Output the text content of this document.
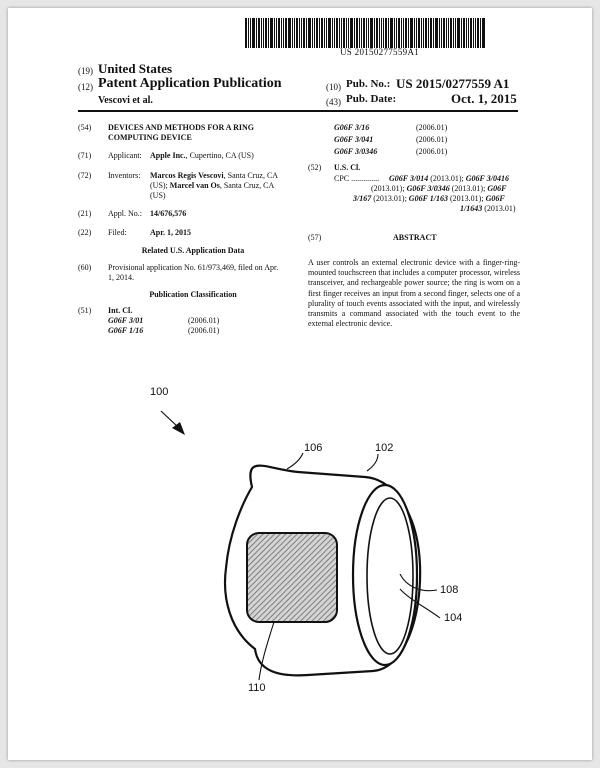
US 20150277559A1
(19) United States
(12) Patent Application Publication
Vescovi et al.
(10) Pub. No.: US 2015/0277559 A1
(43) Pub. Date:	Oct. 1, 2015
(54) DEVICES AND METHODS FOR A RING
COMPUTING DEVICE
(71) Applicant: Apple Inc., Cupertino, CA (US)
(72) Inventors: Marcos Regis Vescovi, Santa Cruz, CA
(US); Marcel van Os, Santa Cruz, CA
(US)
(21) Appl. No.: 14/676,576
(22) Filed:	Apr. 1, 2015
Related U.S. Application Data
(60) Provisional application No. 61/973,469, filed on Apr.
1, 2014.
Publication Classification
(51) Int. Cl.
G06F 3/01	(2006.01)
G06F 1/16	(2006.01)
G06F 3/16	(2006.01)
G06F 3/041	(2006.01)
G06F 3/0346	(2006.01)
(52) U.S. Cl.
CPC .............. G06F 3/014 (2013.01); G06F 3/0416
(2013.01); G06F 3/0346 (2013.01); G06F
3/167 (2013.01); G06F 1/163 (2013.01); G06F
1/1643 (2013.01)
(57)	ABSTRACT
A user controls an external electronic device with a finger-ring-mounted touchscreen that includes a computer processor, wireless transceiver, and rechargeable power source; the ring is worn on a first finger receives an input from a second finger, selects one of a plurality of touch events associated with the input, and wirelessly transmits a command associated with the touch event to the external electronic device.
100
106	102
108
104
110
